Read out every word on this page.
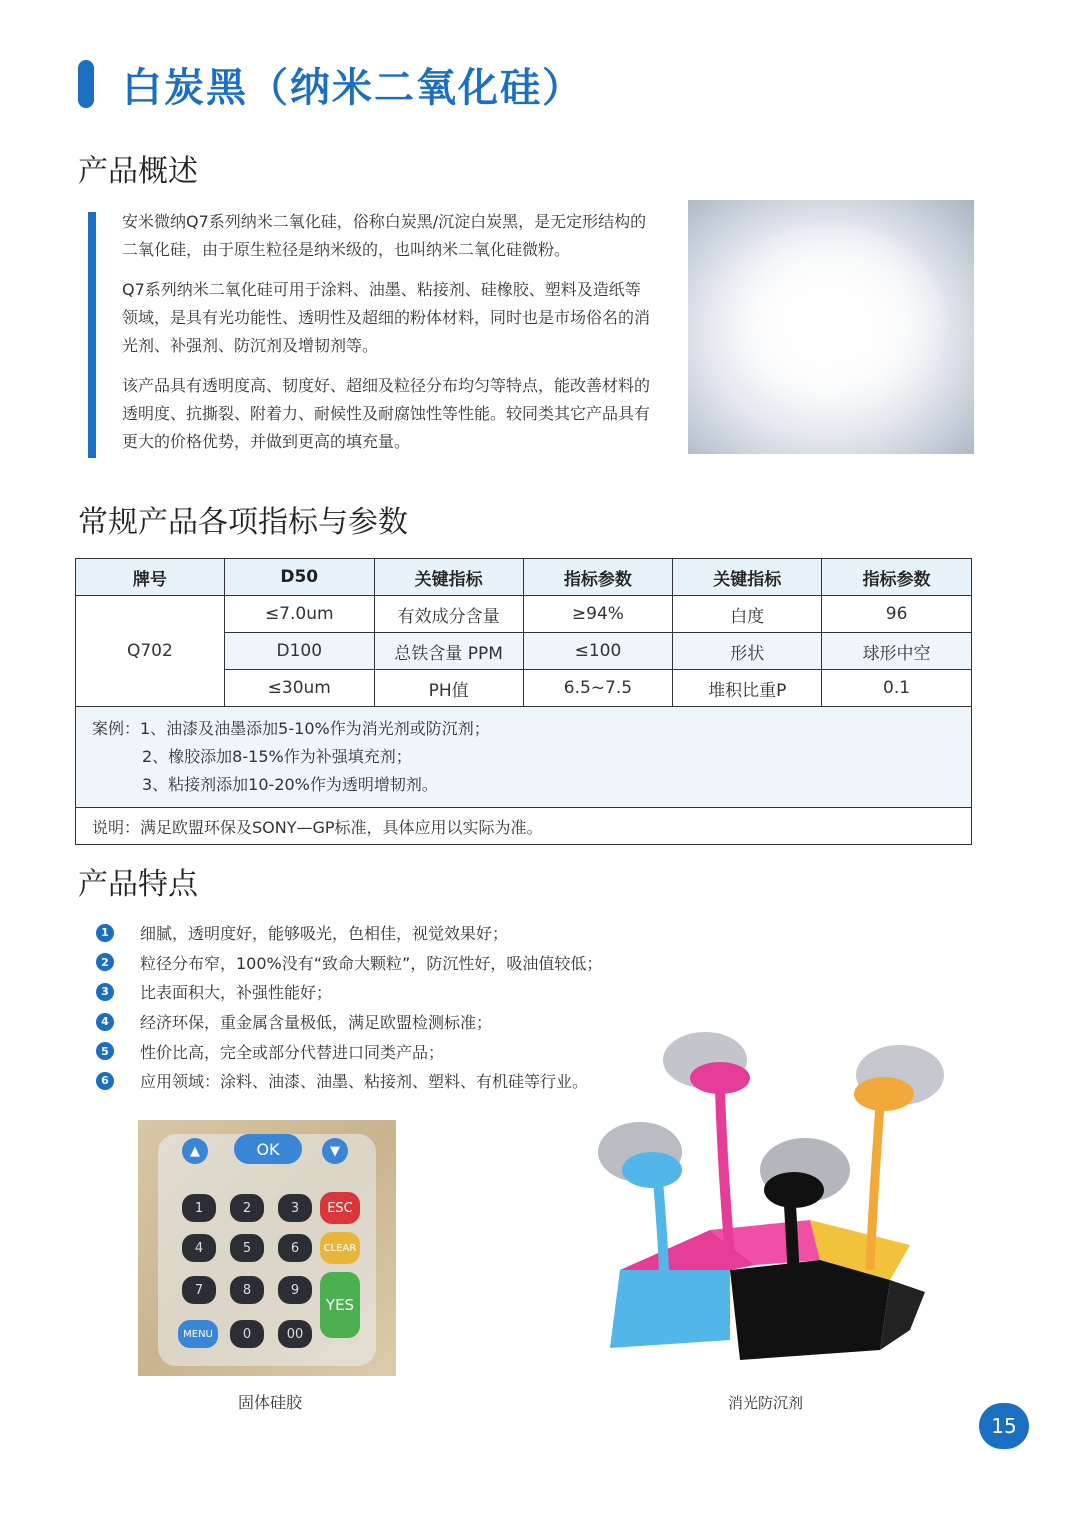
白炭黑（纳米二氧化硅）
产品概述

安米微纳Q7系列纳米二氧化硅，俗称白炭黑/沉淀白炭黑，是无定形结构的二氧化硅，由于原生粒径是纳米级的，也叫纳米二氧化硅微粉。

Q7系列纳米二氧化硅可用于涂料、油墨、粘接剂、硅橡胶、塑料及造纸等领域，是具有光功能性、透明性及超细的粉体材料，同时也是市场俗名的消光剂、补强剂、防沉剂及增韧剂等。

该产品具有透明度高、韧度好、超细及粒径分布均匀等特点，能改善材料的透明度、抗撕裂、附着力、耐候性及耐腐蚀性等性能。较同类其它产品具有更大的价格优势，并做到更高的填充量。

常规产品各项指标与参数
牌号	D50	关键指标	指标参数	关键指标	指标参数
Q702	≤7.0um	有效成分含量	≥94%	白度	96
	D100	总铁含量 PPM	≤100	形状	球形中空
	≤30um	PH值	6.5~7.5	堆积比重P	0.1

案例：1、油漆及油墨添加5-10%作为消光剂或防沉剂；
2、橡胶添加8-15%作为补强填充剂；
3、粘接剂添加10-20%作为透明增韧剂。					

说明：满足欧盟环保及SONY—GP标准，具体应用以实际为准。					
产品特点
1	细腻，透明度好，能够吸光，色相佳，视觉效果好；
2	粒径分布窄，100%没有“致命大颗粒”，防沉性好，吸油值较低；
3	比表面积大，补强性能好；
4	经济环保，重金属含量极低，满足欧盟检测标准；
5	性价比高，完全或部分代替进口同类产品；
6	应用领域：涂料、油漆、油墨、粘接剂、塑料、有机硅等行业。
▲	OK	▼
1	2	3	ESC
4	5	6	CLEAR
7	8	9
YES
MENU	0	00
固体硅胶	消光防沉剂
15
